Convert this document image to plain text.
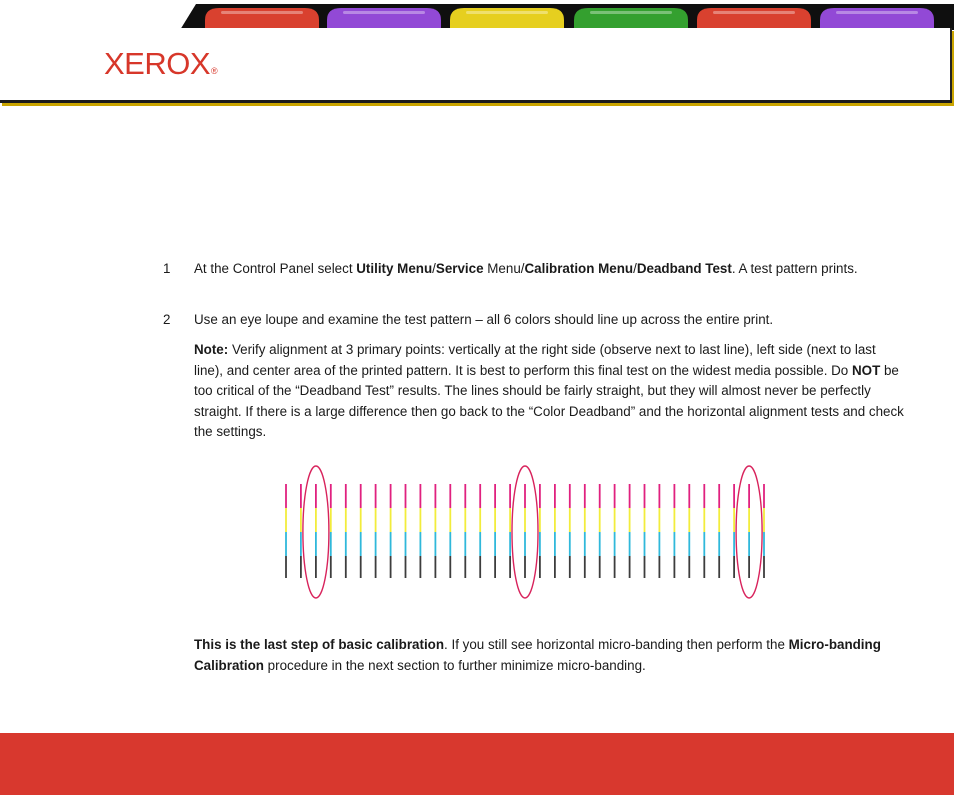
XEROX®
1	At the Control Panel select Utility Menu/Service Menu/Calibration Menu/Deadband Test. A test pattern prints.
2	Use an eye loupe and examine the test pattern – all 6 colors should line up across the entire print.
Note: Verify alignment at 3 primary points: vertically at the right side (observe next to last line), left side (next to last line), and center area of the printed pattern. It is best to perform this final test on the widest media possible. Do NOT be too critical of the “Deadband Test” results. The lines should be fairly straight, but they will almost never be perfectly straight. If there is a large difference then go back to the “Color Deadband” and the horizontal alignment tests and check the settings.
This is the last step of basic calibration. If you still see horizontal micro-banding then perform the Micro-banding Calibration procedure in the next section to further minimize micro-banding.
